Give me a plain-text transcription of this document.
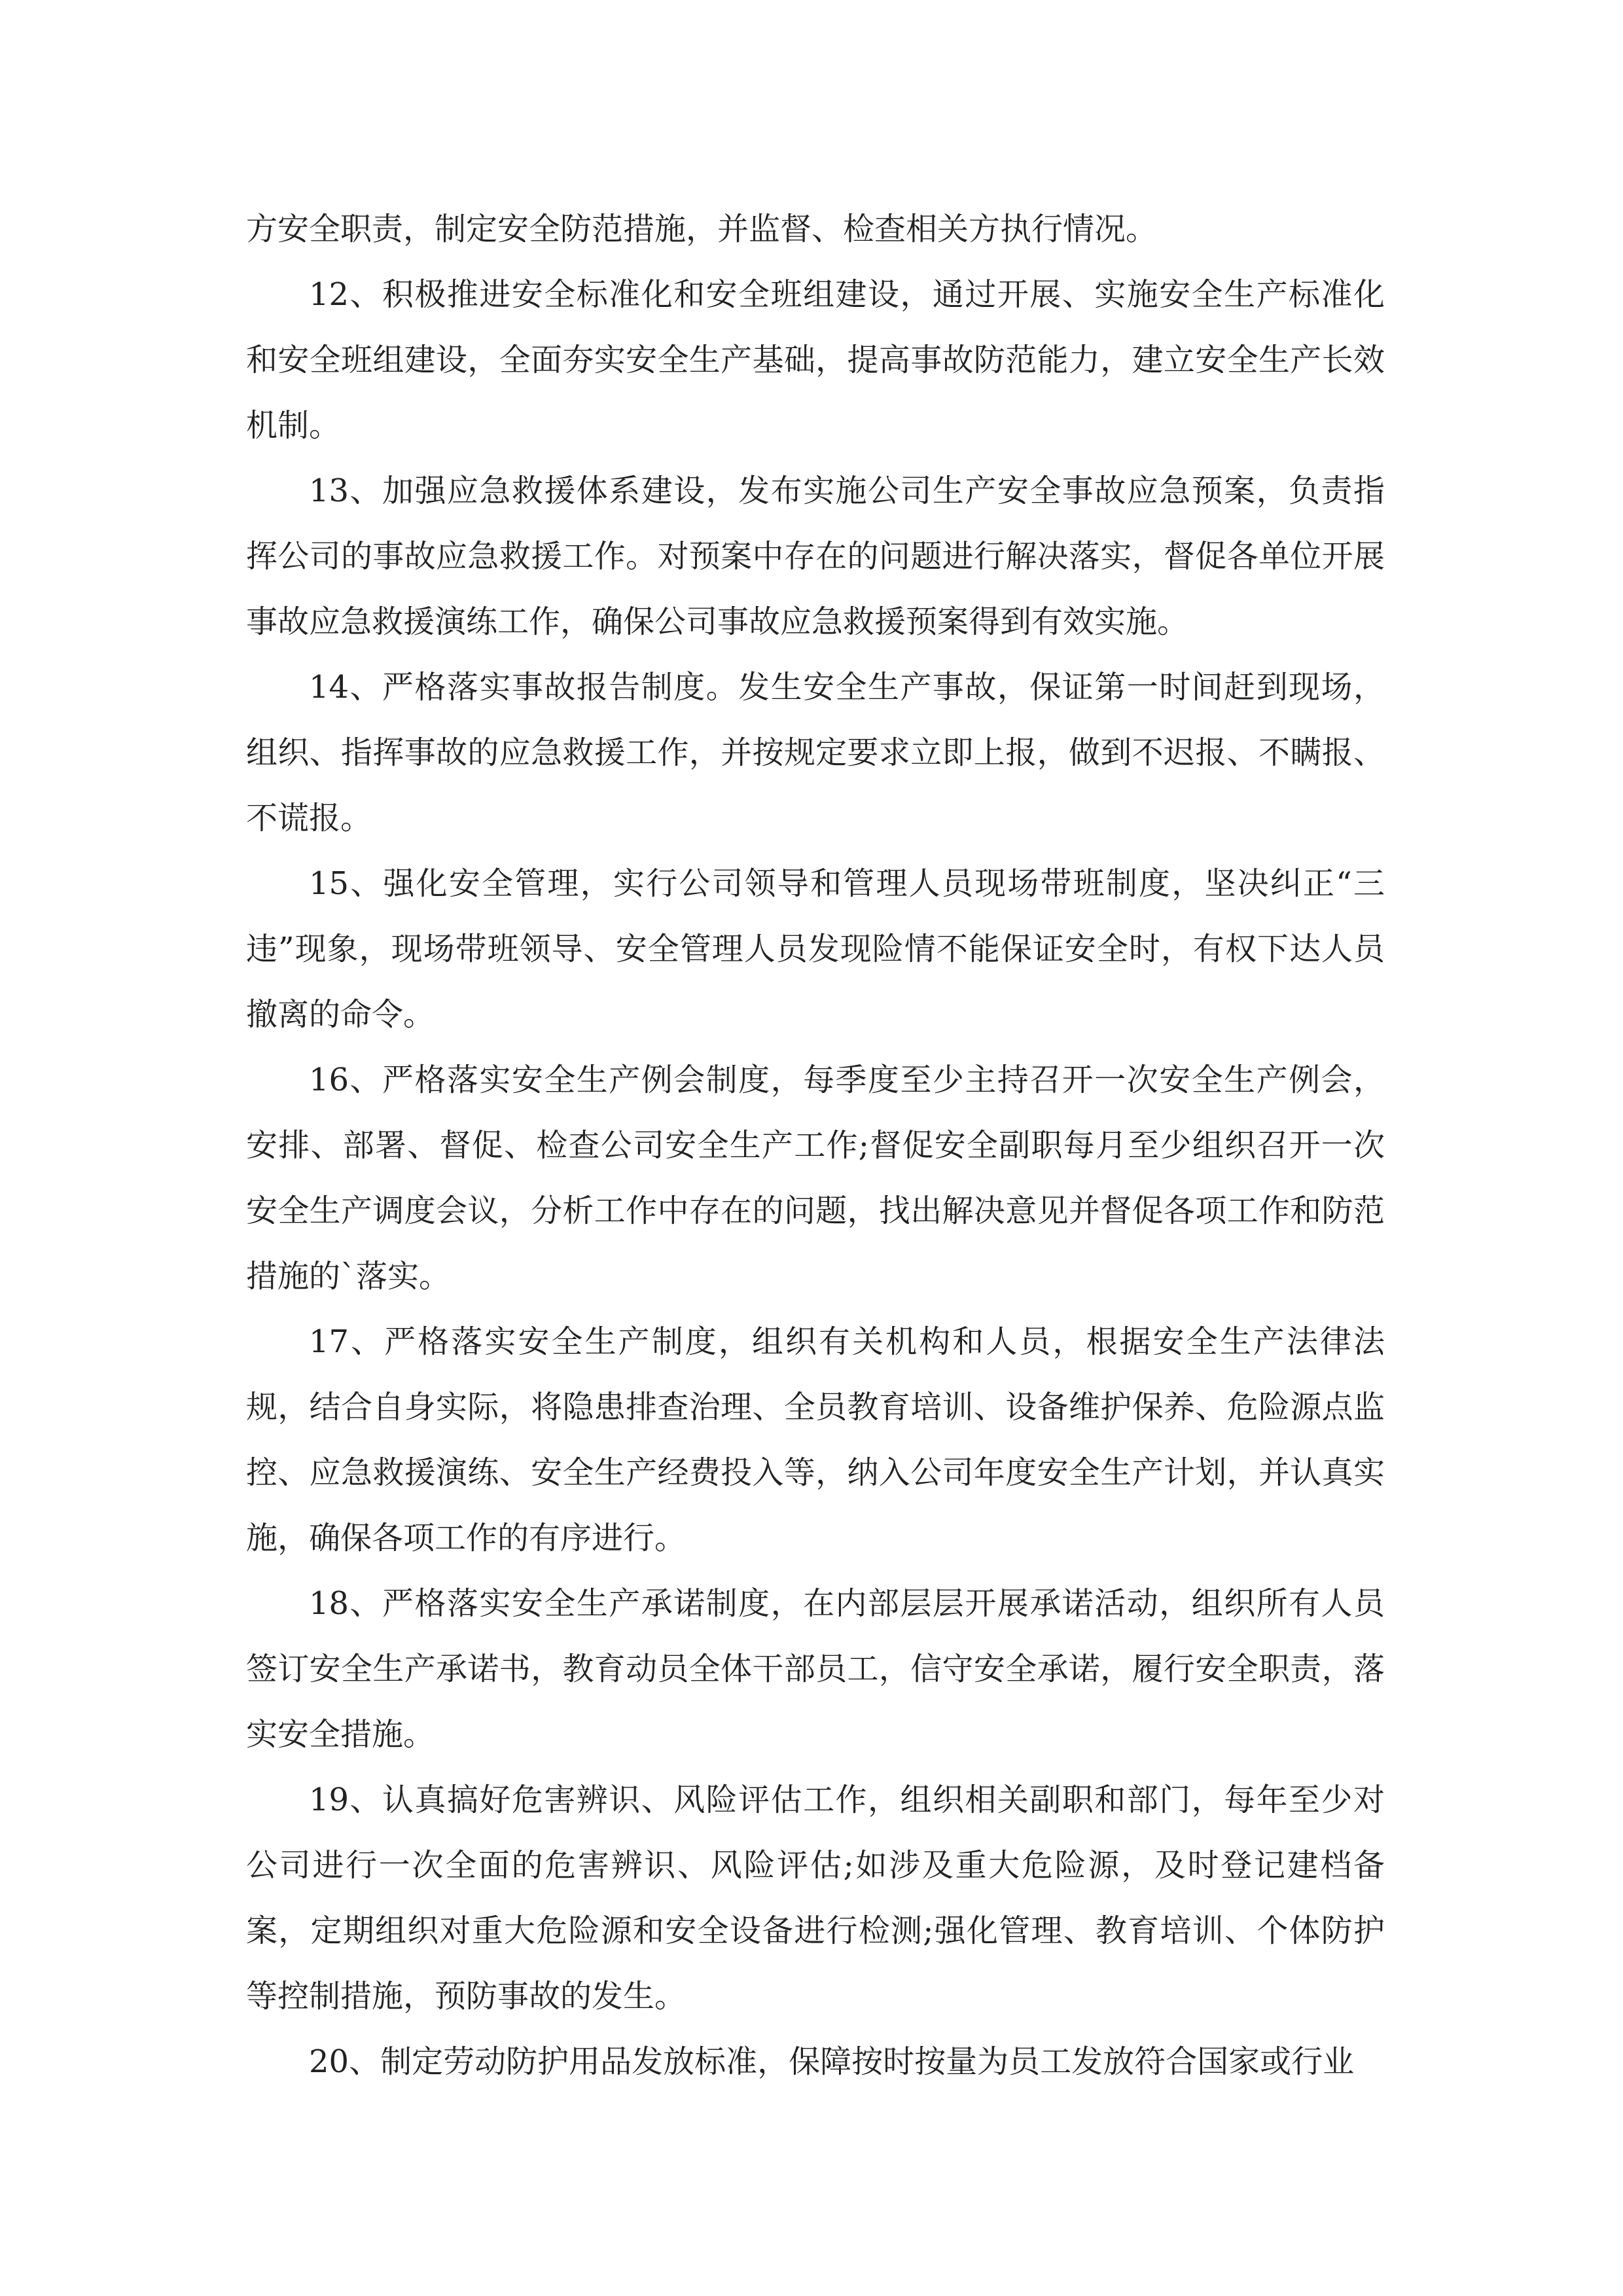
方安全职责，制定安全防范措施，并监督、检查相关方执行情况。

12、积极推进安全标准化和安全班组建设，通过开展、实施安全生产标准化和安全班组建设，全面夯实安全生产基础，提高事故防范能力，建立安全生产长效机制。

13、加强应急救援体系建设，发布实施公司生产安全事故应急预案，负责指挥公司的事故应急救援工作。对预案中存在的问题进行解决落实，督促各单位开展事故应急救援演练工作，确保公司事故应急救援预案得到有效实施。

14、严格落实事故报告制度。发生安全生产事故，保证第一时间赶到现场，组织、指挥事故的应急救援工作，并按规定要求立即上报，做到不迟报、不瞒报、不谎报。

15、强化安全管理，实行公司领导和管理人员现场带班制度，坚决纠正“三违”现象，现场带班领导、安全管理人员发现险情不能保证安全时，有权下达人员撤离的命令。

16、严格落实安全生产例会制度，每季度至少主持召开一次安全生产例会，安排、部署、督促、检查公司安全生产工作;督促安全副职每月至少组织召开一次安全生产调度会议，分析工作中存在的问题，找出解决意见并督促各项工作和防范措施的`落实。

17、严格落实安全生产制度，组织有关机构和人员，根据安全生产法律法规，结合自身实际，将隐患排查治理、全员教育培训、设备维护保养、危险源点监控、应急救援演练、安全生产经费投入等，纳入公司年度安全生产计划，并认真实施，确保各项工作的有序进行。

18、严格落实安全生产承诺制度，在内部层层开展承诺活动，组织所有人员签订安全生产承诺书，教育动员全体干部员工，信守安全承诺，履行安全职责，落实安全措施。

19、认真搞好危害辨识、风险评估工作，组织相关副职和部门，每年至少对公司进行一次全面的危害辨识、风险评估;如涉及重大危险源，及时登记建档备案，定期组织对重大危险源和安全设备进行检测;强化管理、教育培训、个体防护等控制措施，预防事故的发生。

20、制定劳动防护用品发放标准，保障按时按量为员工发放符合国家或行业
